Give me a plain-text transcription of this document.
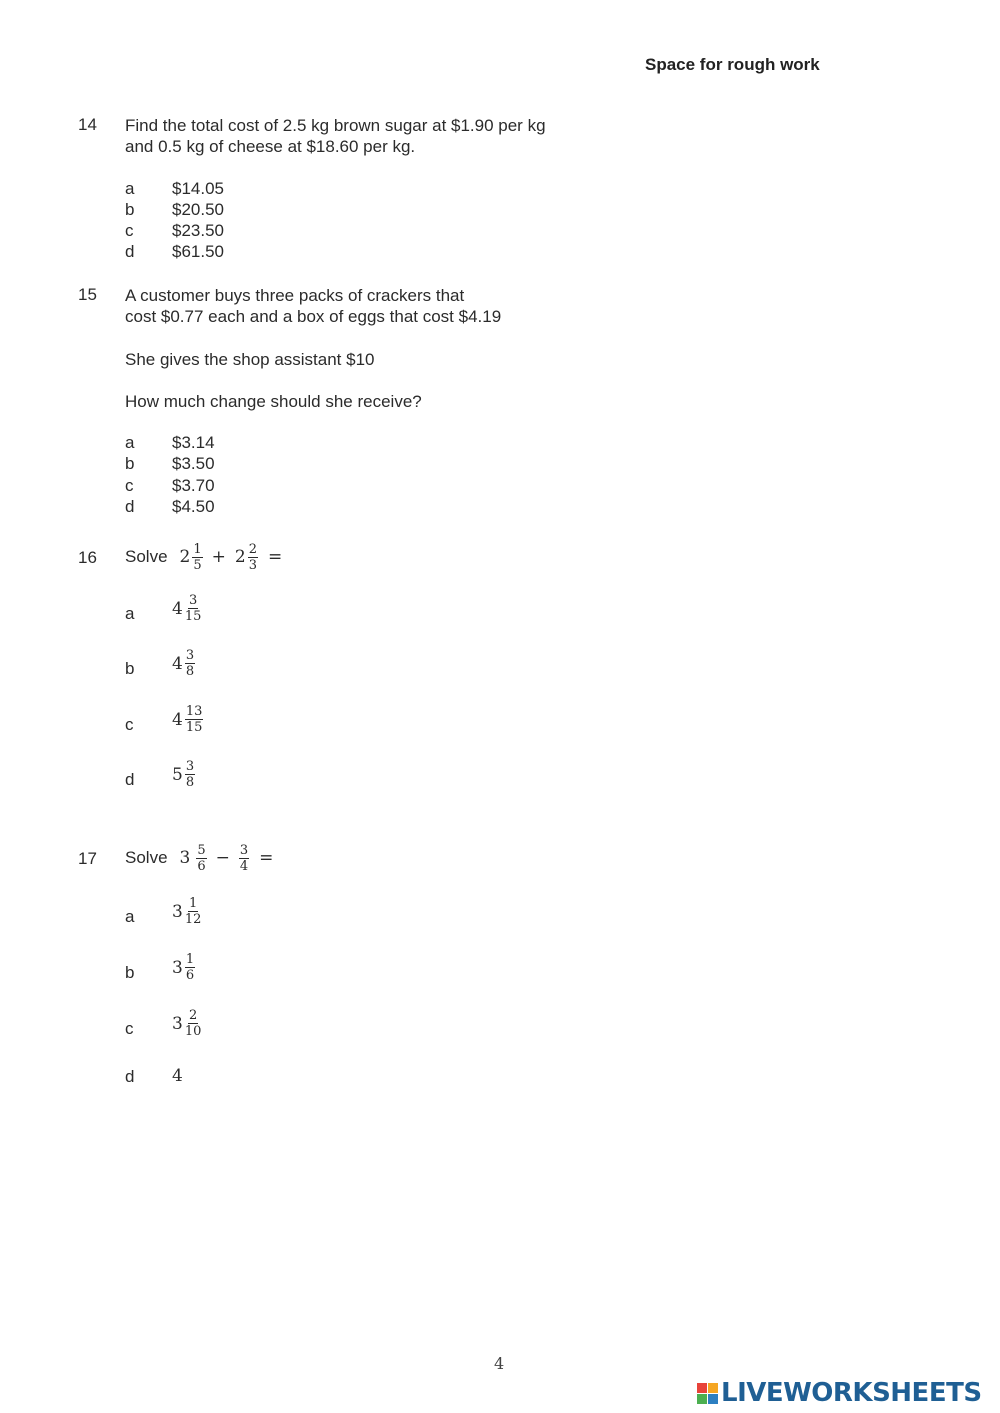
Space for rough work
14 Find the total cost of 2.5 kg brown sugar at $1.90 per kg
and 0.5 kg of cheese at $18.60 per kg.
a $14.05
b $20.50
c $23.50
d $61.50
15 A customer buys three packs of crackers that
cost $0.77 each and a box of eggs that cost $4.19
She gives the shop assistant $10
How much change should she receive?
a $3.14
b $3.50
c $3.70
d $4.50
16 Solve $2 \frac{1}{5} + 2 \frac{2}{3}$ =
a $4 \frac{3}{15}$
b $4 \frac{3}{8}$
c $4 \frac{13}{15}$
d $5 \frac{3}{8}$
17 Solve $3 \frac{5}{6} - \frac{3}{4}$ =
a $3 \frac{1}{12}$
b $3 \frac{1}{6}$
c $3 \frac{2}{10}$
d 4
4
LIVEWORKSHEETS
